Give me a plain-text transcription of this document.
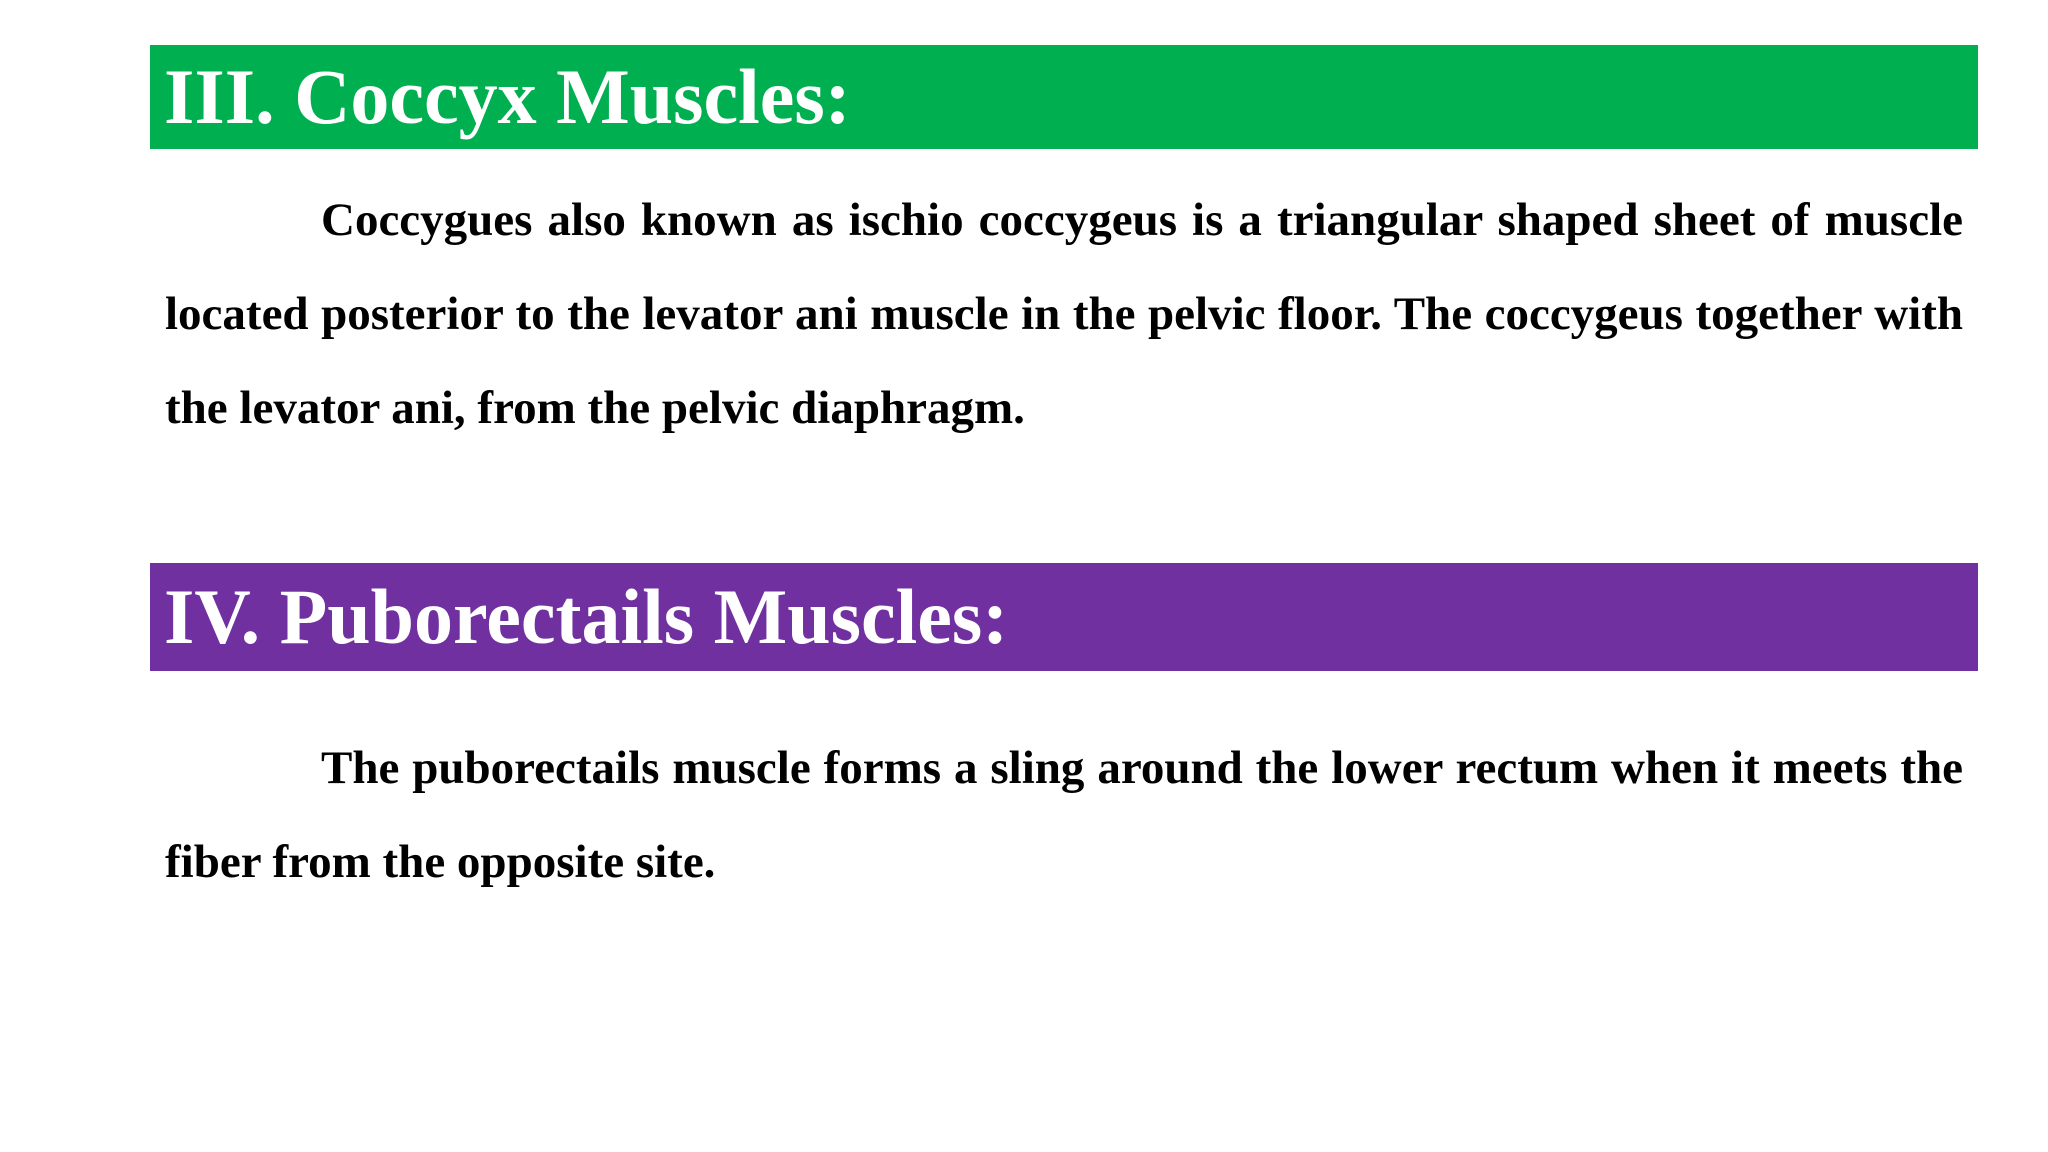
III. Coccyx Muscles:

Coccygues also known as ischio coccygeus is a triangular shaped sheet of muscle located posterior to the levator ani muscle in the pelvic floor. The coccygeus together with the levator ani, from the pelvic diaphragm.

IV. Puborectails Muscles:

The puborectails muscle forms a sling around the lower rectum when it meets the fiber from the opposite site.
